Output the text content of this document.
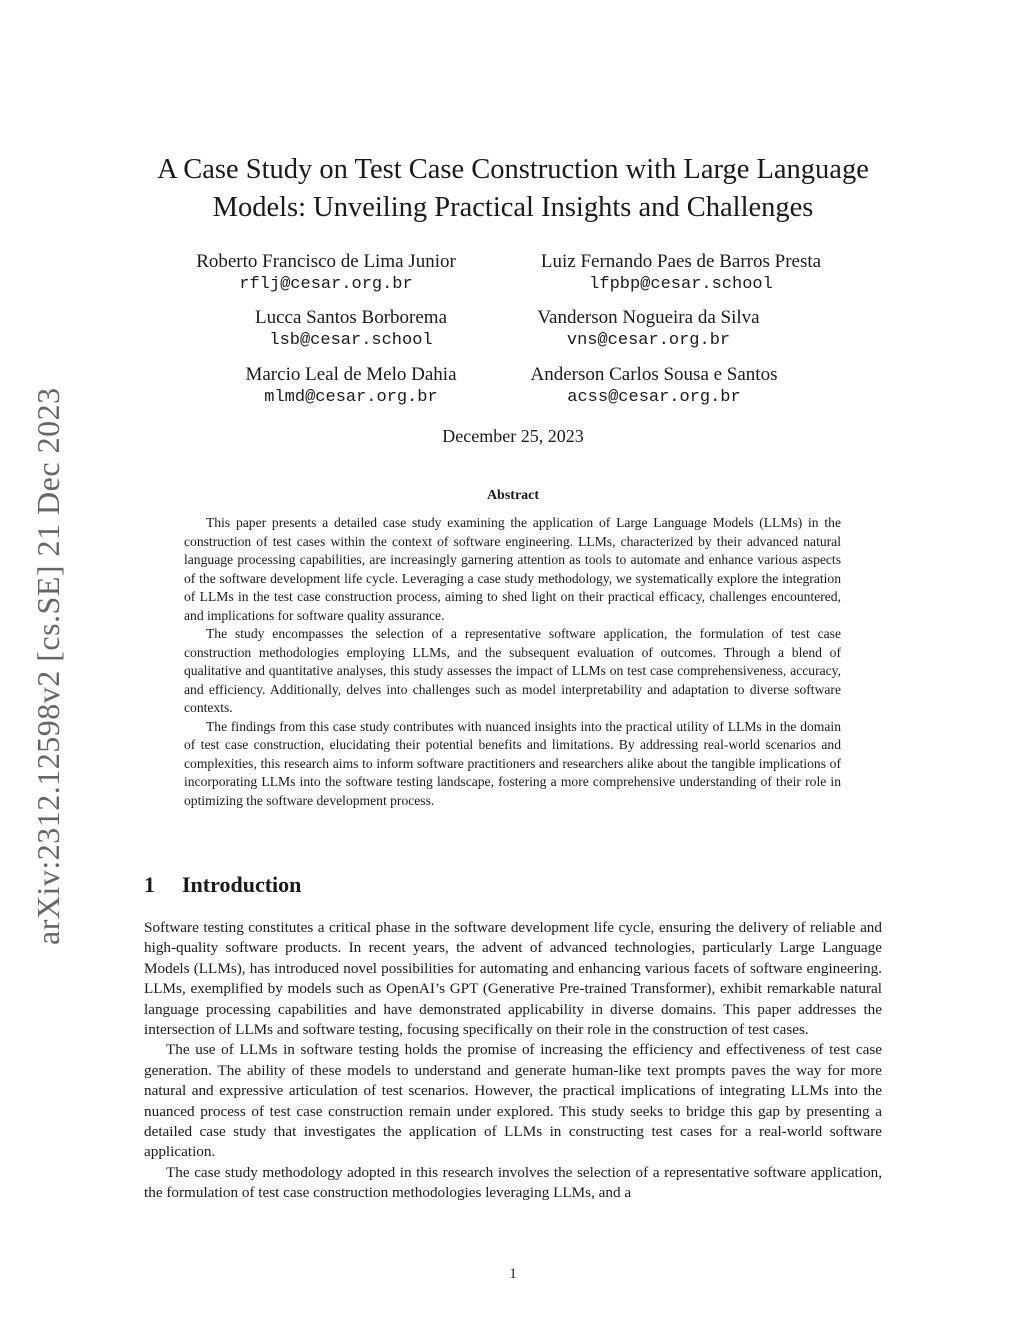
arXiv:2312.12598v2 [cs.SE] 21 Dec 2023
A Case Study on Test Case Construction with Large Language
Models: Unveiling Practical Insights and Challenges
Roberto Francisco de Lima Junior
rflj@cesar.org.br
Luiz Fernando Paes de Barros Presta
lfpbp@cesar.school
Lucca Santos Borborema
lsb@cesar.school
Vanderson Nogueira da Silva
vns@cesar.org.br
Marcio Leal de Melo Dahia
mlmd@cesar.org.br
Anderson Carlos Sousa e Santos
acss@cesar.org.br
December 25, 2023
Abstract

This paper presents a detailed case study examining the application of Large Language Models (LLMs) in the construction of test cases within the context of software engineering. LLMs, characterized by their advanced natural language processing capabilities, are increasingly garnering attention as tools to automate and enhance various aspects of the software development life cycle. Leveraging a case study methodology, we systematically explore the integration of LLMs in the test case construction process, aiming to shed light on their practical efficacy, challenges encountered, and implications for software quality assurance.

The study encompasses the selection of a representative software application, the formulation of test case construction methodologies employing LLMs, and the subsequent evaluation of outcomes. Through a blend of qualitative and quantitative analyses, this study assesses the impact of LLMs on test case comprehensiveness, accuracy, and efficiency. Additionally, delves into challenges such as model interpretability and adaptation to diverse software contexts.

The findings from this case study contributes with nuanced insights into the practical utility of LLMs in the domain of test case construction, elucidating their potential benefits and limitations. By addressing real-world scenarios and complexities, this research aims to inform software practitioners and researchers alike about the tangible implications of incorporating LLMs into the software testing landscape, fostering a more comprehensive understanding of their role in optimizing the software development process.

1 Introduction

Software testing constitutes a critical phase in the software development life cycle, ensuring the delivery of reliable and high-quality software products. In recent years, the advent of advanced technologies, particularly Large Language Models (LLMs), has introduced novel possibilities for automating and enhancing various facets of software engineering. LLMs, exemplified by models such as OpenAI’s GPT (Generative Pre-trained Transformer), exhibit remarkable natural language processing capabilities and have demonstrated applicability in diverse domains. This paper addresses the intersection of LLMs and software testing, focusing specifically on their role in the construction of test cases.

The use of LLMs in software testing holds the promise of increasing the efficiency and effectiveness of test case generation. The ability of these models to understand and generate human-like text prompts paves the way for more natural and expressive articulation of test scenarios. However, the practical implications of integrating LLMs into the nuanced process of test case construction remain under explored. This study seeks to bridge this gap by presenting a detailed case study that investigates the application of LLMs in constructing test cases for a real-world software application.

The case study methodology adopted in this research involves the selection of a representative software application, the formulation of test case construction methodologies leveraging LLMs, and a

1
